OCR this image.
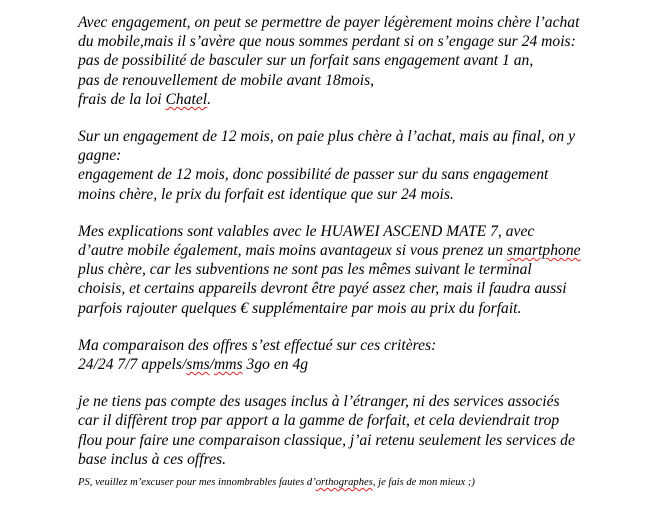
Avec engagement, on peut se permettre de payer légèrement moins chère l’achat
du mobile,mais il s’avère que nous sommes perdant si on s’engage sur 24 mois:
pas de possibilité de basculer sur un forfait sans engagement avant 1 an,
pas de renouvellement de mobile avant 18mois,
frais de la loi Chatel.
Sur un engagement de 12 mois, on paie plus chère à l’achat, mais au final, on y
gagne:
engagement de 12 mois, donc possibilité de passer sur du sans engagement
moins chère, le prix du forfait est identique que sur 24 mois.
Mes explications sont valables avec le HUAWEI ASCEND MATE 7, avec
d’autre mobile également, mais moins avantageux si vous prenez un smartphone
plus chère, car les subventions ne sont pas les mêmes suivant le terminal
choisis, et certains appareils devront être payé assez cher, mais il faudra aussi
parfois rajouter quelques € supplémentaire par mois au prix du forfait.
Ma comparaison des offres s’est effectué sur ces critères:
24/24 7/7 appels/sms/mms 3go en 4g
je ne tiens pas compte des usages inclus à l’étranger, ni des services associés
car il diffèrent trop par apport a la gamme de forfait, et cela deviendrait trop
flou pour faire une comparaison classique, j’ai retenu seulement les services de
base inclus à ces offres.
PS, veuillez m’excuser pour mes innombrables fautes d’orthographes, je fais de mon mieux ;)
